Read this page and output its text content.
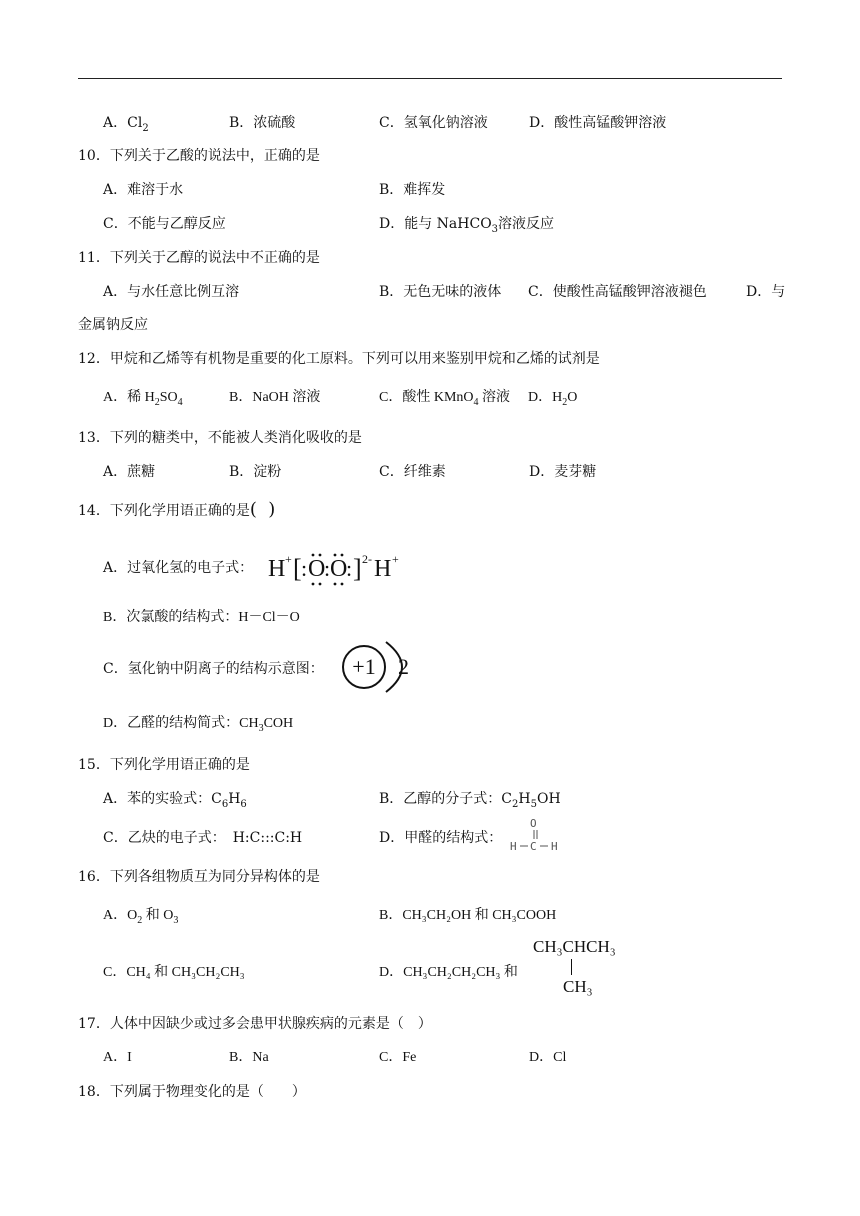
A．$Cl_2$	B．浓硫酸	C．氢氧化钠溶液	D．酸性高锰酸钾溶液
10．下列关于乙酸的说法中，正确的是
A．难溶于水	B．难挥发
C．不能与乙醇反应	D．能与 NaHCO$_3$溶液反应
11．下列关于乙醇的说法中不正确的是
A．与水任意比例互溶	B．无色无味的液体 C．使酸性高锰酸钾溶液褪色	D．与
金属钠反应
12．甲烷和乙烯等有机物是重要的化工原料。下列可以用来鉴别甲烷和乙烯的试剂是
A．稀 $H_2SO_4$	B．NaOH 溶液	C．酸性 KMnO$_4$ 溶液 D．$H_2O$
13．下列的糖类中，不能被人类消化吸收的是
A．蔗糖	B．淀粉	C．纤维素	D．麦芽糖
14．下列化学用语正确的是(  )
A．过氧化氢的电子式： H + [ : O
: O
: ] 2- H +
B．次氯酸的结构式：H－Cl－O
C．氢化钠中阴离子的结构示意图： +1 2
D．乙醛的结构简式：$CH_3COH$
15．下列化学用语正确的是
A．苯的实验式：$C_6H_6$	B．乙醇的分子式：$C_2H_5OH$
C．乙炔的电子式：　H:C:::C:H	D．甲醛的结构式：
O
H C H
16．下列各组物质互为同分异构体的是
A．$O_2$ 和 $O_3$	B．CH₃CH₂OH 和 CH₃COOH
C．CH₄ 和 CH₃CH₂CH₃	D．CH₃CH₂CH₂CH₃ 和
CH₃CHCH₃
CH₃
17．人体中因缺少或过多会患甲状腺疾病的元素是（　）
A．I	B．Na	C．Fe	D．Cl
18．下列属于物理变化的是（　　）
